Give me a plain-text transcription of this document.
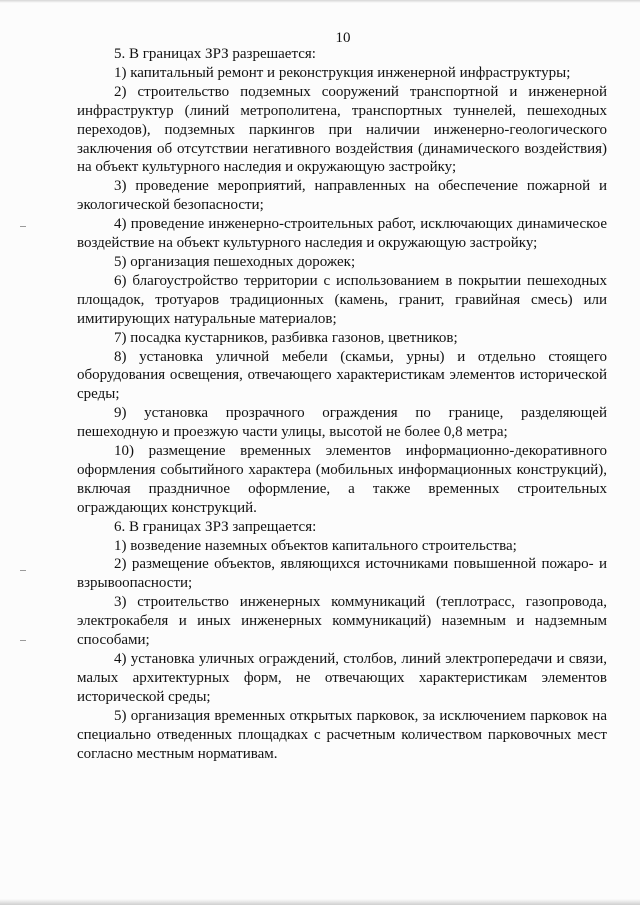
10

5. В границах ЗРЗ разрешается:

1) капитальный ремонт и реконструкция инженерной инфраструктуры;

2) строительство подземных сооружений транспортной и инженерной инфраструктур (линий метрополитена, транспортных туннелей, пешеходных переходов), подземных паркингов при наличии инженерно-геологического заключения об отсутствии негативного воздействия (динамического воздействия) на объект культурного наследия и окружающую застройку;

3) проведение мероприятий, направленных на обеспечение пожарной и экологической безопасности;

4) проведение инженерно-строительных работ, исключающих динамическое воздействие на объект культурного наследия и окружающую застройку;

5) организация пешеходных дорожек;

6) благоустройство территории с использованием в покрытии пешеходных площадок, тротуаров традиционных (камень, гранит, гравийная смесь) или имитирующих натуральные материалов;

7) посадка кустарников, разбивка газонов, цветников;

8) установка уличной мебели (скамьи, урны) и отдельно стоящего оборудования освещения, отвечающего характеристикам элементов исторической среды;

9) установка прозрачного ограждения по границе, разделяющей пешеходную и проезжую части улицы, высотой не более 0,8 метра;

10) размещение временных элементов информационно-декоративного оформления событийного характера (мобильных информационных конструкций), включая праздничное оформление, а также временных строительных ограждающих конструкций.

6. В границах ЗРЗ запрещается:

1) возведение наземных объектов капитального строительства;

2) размещение объектов, являющихся источниками повышенной пожаро- и взрывоопасности;

3) строительство инженерных коммуникаций (теплотрасс, газопровода, электрокабеля и иных инженерных коммуникаций) наземным и надземным способами;

4) установка уличных ограждений, столбов, линий электропередачи и связи, малых архитектурных форм, не отвечающих характеристикам элементов исторической среды;

5) организация временных открытых парковок, за исключением парковок на специально отведенных площадках с расчетным количеством парковочных мест согласно местным нормативам.
